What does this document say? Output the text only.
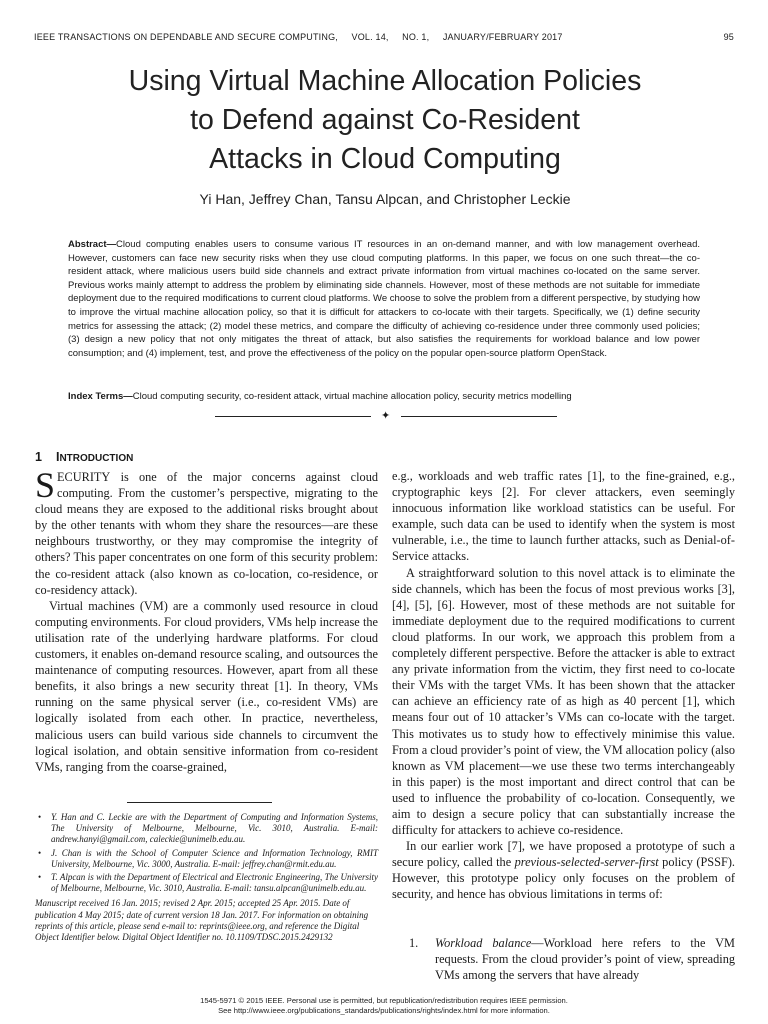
IEEE TRANSACTIONS ON DEPENDABLE AND SECURE COMPUTING,     VOL. 14,     NO. 1,     JANUARY/FEBRUARY 2017	95
Using Virtual Machine Allocation Policies
to Defend against Co-Resident
Attacks in Cloud Computing
Yi Han, Jeffrey Chan, Tansu Alpcan, and Christopher Leckie
Abstract—Cloud computing enables users to consume various IT resources in an on-demand manner, and with low management overhead. However, customers can face new security risks when they use cloud computing platforms. In this paper, we focus on one such threat—the co-resident attack, where malicious users build side channels and extract private information from virtual machines co-located on the same server. Previous works mainly attempt to address the problem by eliminating side channels. However, most of these methods are not suitable for immediate deployment due to the required modifications to current cloud platforms. We choose to solve the problem from a different perspective, by studying how to improve the virtual machine allocation policy, so that it is difficult for attackers to co-locate with their targets. Specifically, we (1) define security metrics for assessing the attack; (2) model these metrics, and compare the difficulty of achieving co-residence under three commonly used policies; (3) design a new policy that not only mitigates the threat of attack, but also satisfies the requirements for workload balance and low power consumption; and (4) implement, test, and prove the effectiveness of the policy on the popular open-source platform OpenStack.
Index Terms—Cloud computing security, co-resident attack, virtual machine allocation policy, security metrics modelling
✦
1 INTRODUCTION

SECURITY is one of the major concerns against cloud computing. From the customer’s perspective, migrating to the cloud means they are exposed to the additional risks brought about by the other tenants with whom they share the resources—are these neighbours trustworthy, or they may compromise the integrity of others? This paper concentrates on one form of this security problem: the co-resident attack (also known as co-location, co-residence, or co-residency attack).

Virtual machines (VM) are a commonly used resource in cloud computing environments. For cloud providers, VMs help increase the utilisation rate of the underlying hardware platforms. For cloud customers, it enables on-demand resource scaling, and outsources the maintenance of computing resources. However, apart from all these benefits, it also brings a new security threat [1]. In theory, VMs running on the same physical server (i.e., co-resident VMs) are logically isolated from each other. In practice, nevertheless, malicious users can build various side channels to circumvent the logical isolation, and obtain sensitive information from co-resident VMs, ranging from the coarse-grained,

• Y. Han and C. Leckie are with the Department of Computing and Information Systems, The University of Melbourne, Melbourne, Vic. 3010, Australia. E-mail: andrew.hanyi@gmail.com, caleckie@unimelb.edu.au.
• J. Chan is with the School of Computer Science and Information Technology, RMIT University, Melbourne, Vic. 3000, Australia. E-mail: jeffrey.chan@rmit.edu.au.
• T. Alpcan is with the Department of Electrical and Electronic Engineering, The University of Melbourne, Melbourne, Vic. 3010, Australia. E-mail: tansu.alpcan@unimelb.edu.au.
Manuscript received 16 Jan. 2015; revised 2 Apr. 2015; accepted 25 Apr. 2015. Date of publication 4 May 2015; date of current version 18 Jan. 2017. For information on obtaining reprints of this article, please send e-mail to: reprints@ieee.org, and reference the Digital Object Identifier below. Digital Object Identifier no. 10.1109/TDSC.2015.2429132

e.g., workloads and web traffic rates [1], to the fine-grained, e.g., cryptographic keys [2]. For clever attackers, even seemingly innocuous information like workload statistics can be useful. For example, such data can be used to identify when the system is most vulnerable, i.e., the time to launch further attacks, such as Denial-of-Service attacks.

A straightforward solution to this novel attack is to eliminate the side channels, which has been the focus of most previous works [3], [4], [5], [6]. However, most of these methods are not suitable for immediate deployment due to the required modifications to current cloud platforms. In our work, we approach this problem from a completely different perspective. Before the attacker is able to extract any private information from the victim, they first need to co-locate their VMs with the target VMs. It has been shown that the attacker can achieve an efficiency rate of as high as 40 percent [1], which means four out of 10 attacker’s VMs can co-locate with the target. This motivates us to study how to effectively minimise this value. From a cloud provider’s point of view, the VM allocation policy (also known as VM placement—we use these two terms interchangeably in this paper) is the most important and direct control that can be used to influence the probability of co-location. Consequently, we aim to design a secure policy that can substantially increase the difficulty for attackers to achieve co-residence.

In our earlier work [7], we have proposed a prototype of such a secure policy, called the previous-selected-server-first policy (PSSF). However, this prototype policy only focuses on the problem of security, and hence has obvious limitations in terms of:

1. Workload balance—Workload here refers to the VM requests. From the cloud provider’s point of view, spreading VMs among the servers that have already
1545-5971 © 2015 IEEE. Personal use is permitted, but republication/redistribution requires IEEE permission.
See http://www.ieee.org/publications_standards/publications/rights/index.html for more information.
